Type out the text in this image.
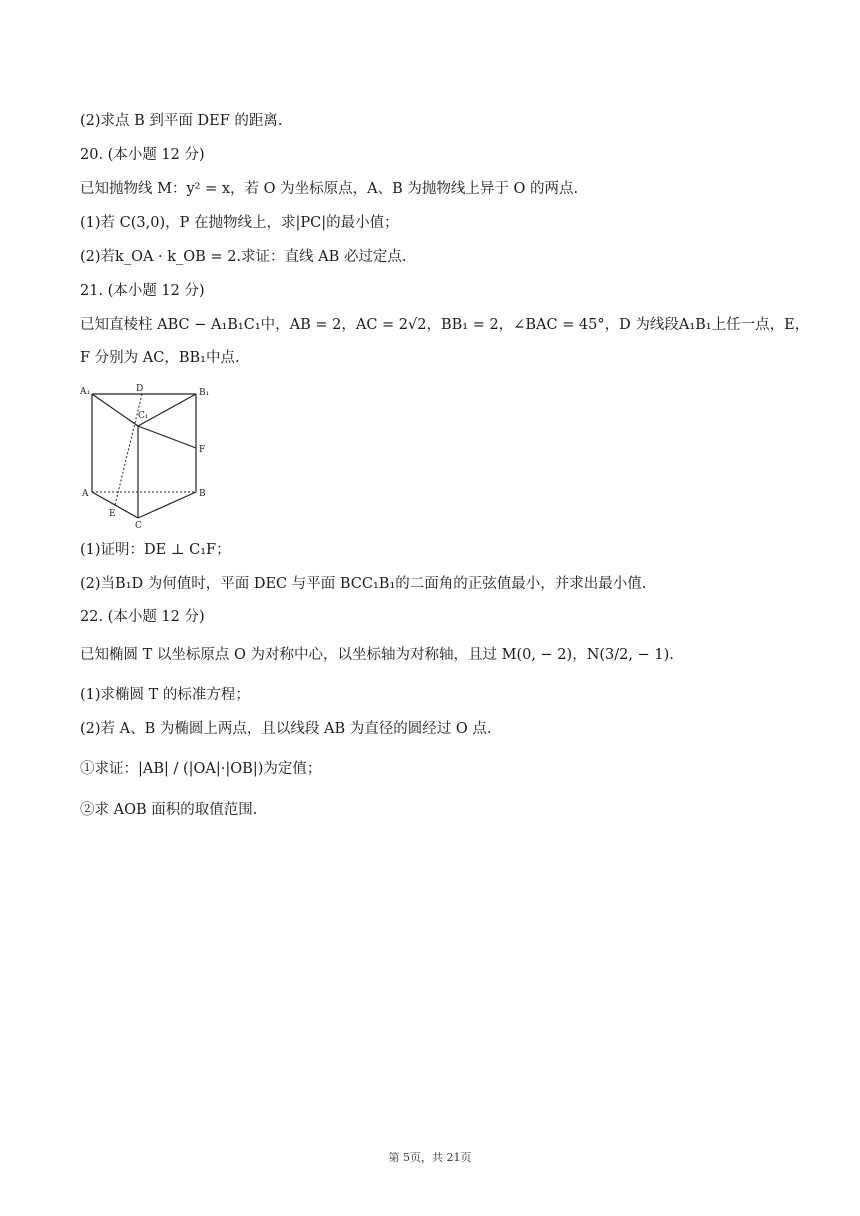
(2)求点 B 到平面 DEF 的距离.
20. (本小题 12 分)
已知抛物线 M：y² = x，若 O 为坐标原点，A、B 为抛物线上异于 O 的两点.
(1)若 C(3,0)，P 在抛物线上，求|PC|的最小值；
(2)若k_OA · k_OB = 2.求证：直线 AB 必过定点.
21. (本小题 12 分)
已知直棱柱 ABC − A₁B₁C₁中，AB = 2，AC = 2√2，BB₁ = 2，∠BAC = 45°，D 为线段A₁B₁上任一点，E，
F 分别为 AC，BB₁中点.
A₁	D	B₁
C₁
F
A	B
E
C
(1)证明：DE ⊥ C₁F；
(2)当B₁D 为何值时，平面 DEC 与平面 BCC₁B₁的二面角的正弦值最小，并求出最小值.
22. (本小题 12 分)
已知椭圆 T 以坐标原点 O 为对称中心，以坐标轴为对称轴，且过 M(0, − 2)，N(3/2, − 1).
(1)求椭圆 T 的标准方程；
(2)若 A、B 为椭圆上两点，且以线段 AB 为直径的圆经过 O 点.
①求证：|AB| / (|OA|·|OB|)为定值；
②求 AOB 面积的取值范围.
第 5页，共 21页
